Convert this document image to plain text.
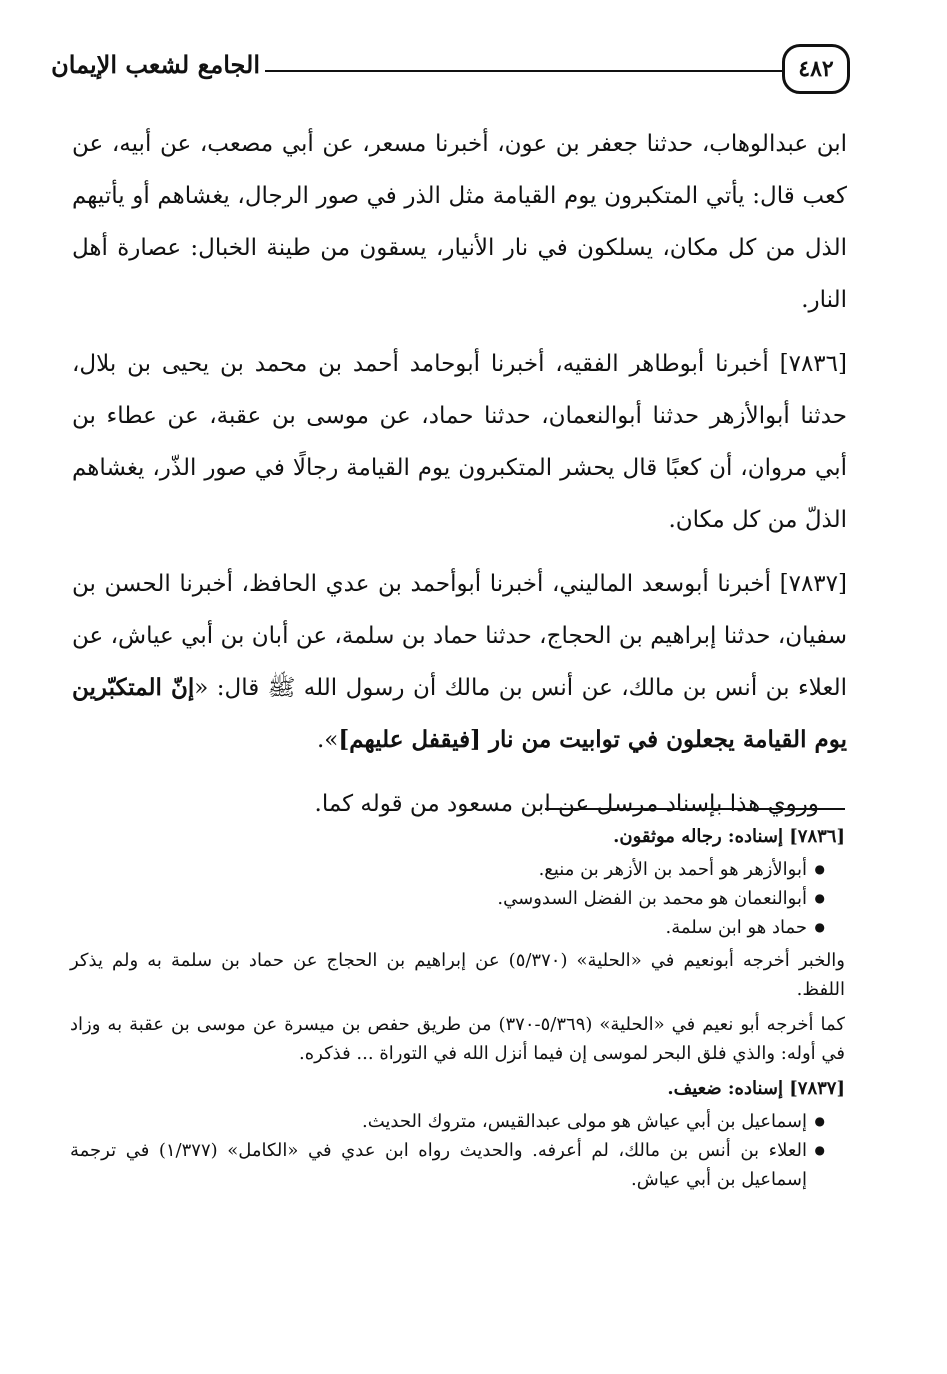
٤٨٢
الجامع لشعب الإيمان

ابن عبدالوهاب، حدثنا جعفر بن عون، أخبرنا مسعر، عن أبي مصعب، عن أبيه، عن كعب قال: يأتي المتكبرون يوم القيامة مثل الذر في صور الرجال، يغشاهم أو يأتيهم الذل من كل مكان، يسلكون في نار الأنيار، يسقون من طينة الخبال: عصارة أهل النار.

[٧٨٣٦] أخبرنا أبوطاهر الفقيه، أخبرنا أبوحامد أحمد بن محمد بن يحيى بن بلال، حدثنا أبوالأزهر حدثنا أبوالنعمان، حدثنا حماد، عن موسى بن عقبة، عن عطاء بن أبي مروان، أن كعبًا قال يحشر المتكبرون يوم القيامة رجالًا في صور الذّر، يغشاهم الذلّ من كل مكان.

[٧٨٣٧] أخبرنا أبوسعد الماليني، أخبرنا أبوأحمد بن عدي الحافظ، أخبرنا الحسن بن سفيان، حدثنا إبراهيم بن الحجاج، حدثنا حماد بن سلمة، عن أبان بن أبي عياش، عن العلاء بن أنس بن مالك، عن أنس بن مالك أن رسول الله ﷺ قال: «إنّ المتكبّرين يوم القيامة يجعلون في توابيت من نار [فيقفل عليهم]».

وروي هذا بإسناد مرسل عن ابن مسعود من قوله كما.

[٧٨٣٦] إسناده: رجاله موثقون.

● أبوالأزهر هو أحمد بن الأزهر بن منيع.
● أبوالنعمان هو محمد بن الفضل السدوسي.
● حماد هو ابن سلمة.

والخبر أخرجه أبونعيم في «الحلية» (٥/٣٧٠) عن إبراهيم بن الحجاج عن حماد بن سلمة به ولم يذكر اللفظ.

كما أخرجه أبو نعيم في «الحلية» (٥/٣٦٩-٣٧٠) من طريق حفص بن ميسرة عن موسى بن عقبة به وزاد في أوله: والذي فلق البحر لموسى إن فيما أنزل الله في التوراة ... فذكره.

[٧٨٣٧] إسناده: ضعيف.

● إسماعيل بن أبي عياش هو مولى عبدالقيس، متروك الحديث.
● العلاء بن أنس بن مالك، لم أعرفه. والحديث رواه ابن عدي في «الكامل» (١/٣٧٧) في ترجمة إسماعيل بن أبي عياش.
